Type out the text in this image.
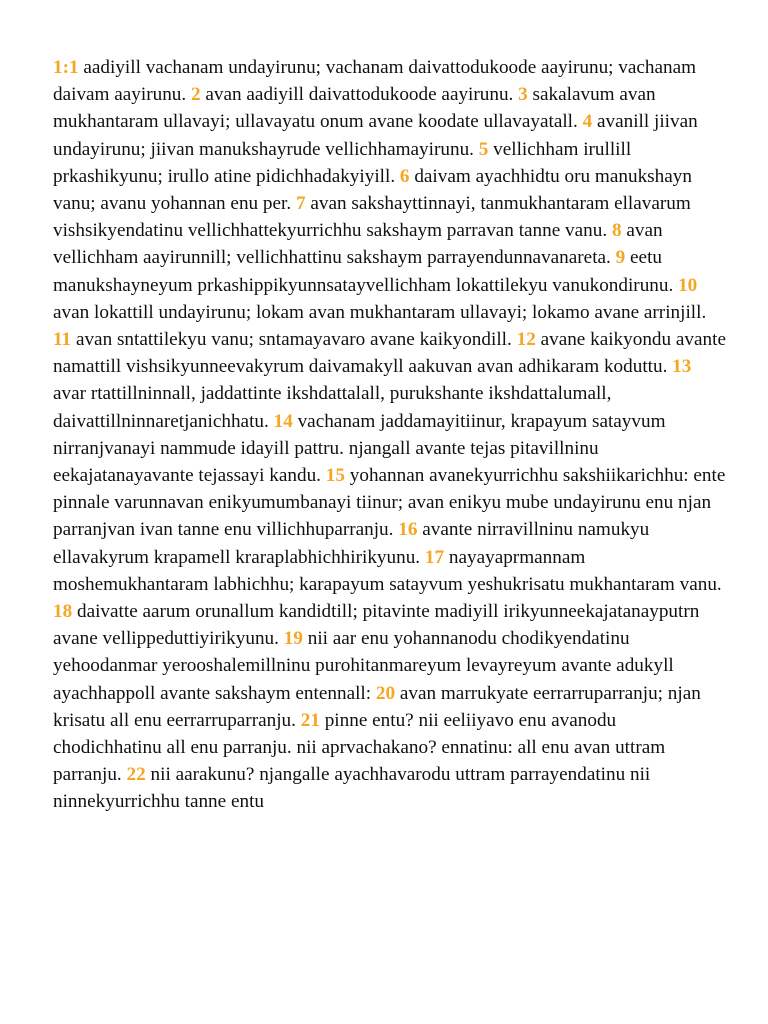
1:1 aadiyill vachanam undayirunu; vachanam daivattodukoode aayirunu; vachanam daivam aayirunu. 2 avan aadiyill daivattodukoode aayirunu. 3 sakalavum avan mukhantaram ullavayi; ullavayatu onum avane koodate ullavayatall. 4 avanill jiivan undayirunu; jiivan manukshayrude vellichhamayirunu. 5 vellichham irullill prkashikyunu; irullo atine pidichhadakyiyill. 6 daivam ayachhidtu oru manukshayn vanu; avanu yohannan enu per. 7 avan sakshayttinnayi, tanmukhantaram ellavarum vishsikyendatinu vellichhattekyurrichhu sakshaym parravan tanne vanu. 8 avan vellichham aayirunnill; vellichhattinu sakshaym parrayendunnavanareta. 9 eetu manukshayneyum prkashippikyunnsatayvellichham lokattilekyu vanukondirunu. 10 avan lokattill undayirunu; lokam avan mukhantaram ullavayi; lokamo avane arrinjill. 11 avan sntattilekyu vanu; sntamayavaro avane kaikyondill. 12 avane kaikyondu avante namattill vishsikyunneevakyrum daivamakyll aakuvan avan adhikaram koduttu. 13 avar rtattillninnall, jaddattinte ikshdattalall, purukshante ikshdattalumall, daivattillninnaretjanichhatu. 14 vachanam jaddamayitiinur, krapayum satayvum nirranjvanayi nammude idayill pattru. njangall avante tejas pitavillninu eekajatanayavante tejassayi kandu. 15 yohannan avanekyurrichhu sakshiikarichhu: ente pinnale varunnavan enikyumumbanayi tiinur; avan enikyu mube undayirunu enu njan parranjvan ivan tanne enu villichhuparranju. 16 avante nirravillninu namukyu ellavakyrum krapamell kraraplabhichhirikyunu. 17 nayayaprmannam moshemukhantaram labhichhu; karapayum satayvum yeshukrisatu mukhantaram vanu. 18 daivatte aarum orunallum kandidtill; pitavinte madiyill irikyunneekajatanayputrn avane vellippeduttiyirikyunu. 19 nii aar enu yohannanodu chodikyendatinu yehoodanmar yerooshalemillninu purohitanmareyum levayreyum avante adukyll ayachhappoll avante sakshaym entennall: 20 avan marrukyate eerrarruparranju; njan krisatu all enu eerrarruparranju. 21 pinne entu? nii eeliiyavo enu avanodu chodichhatinu all enu parranju. nii aprvachakano? ennatinu: all enu avan uttram parranju. 22 nii aarakunu? njangalle ayachhavarodu uttram parrayendatinu nii ninnekyurrichhu tanne entu
